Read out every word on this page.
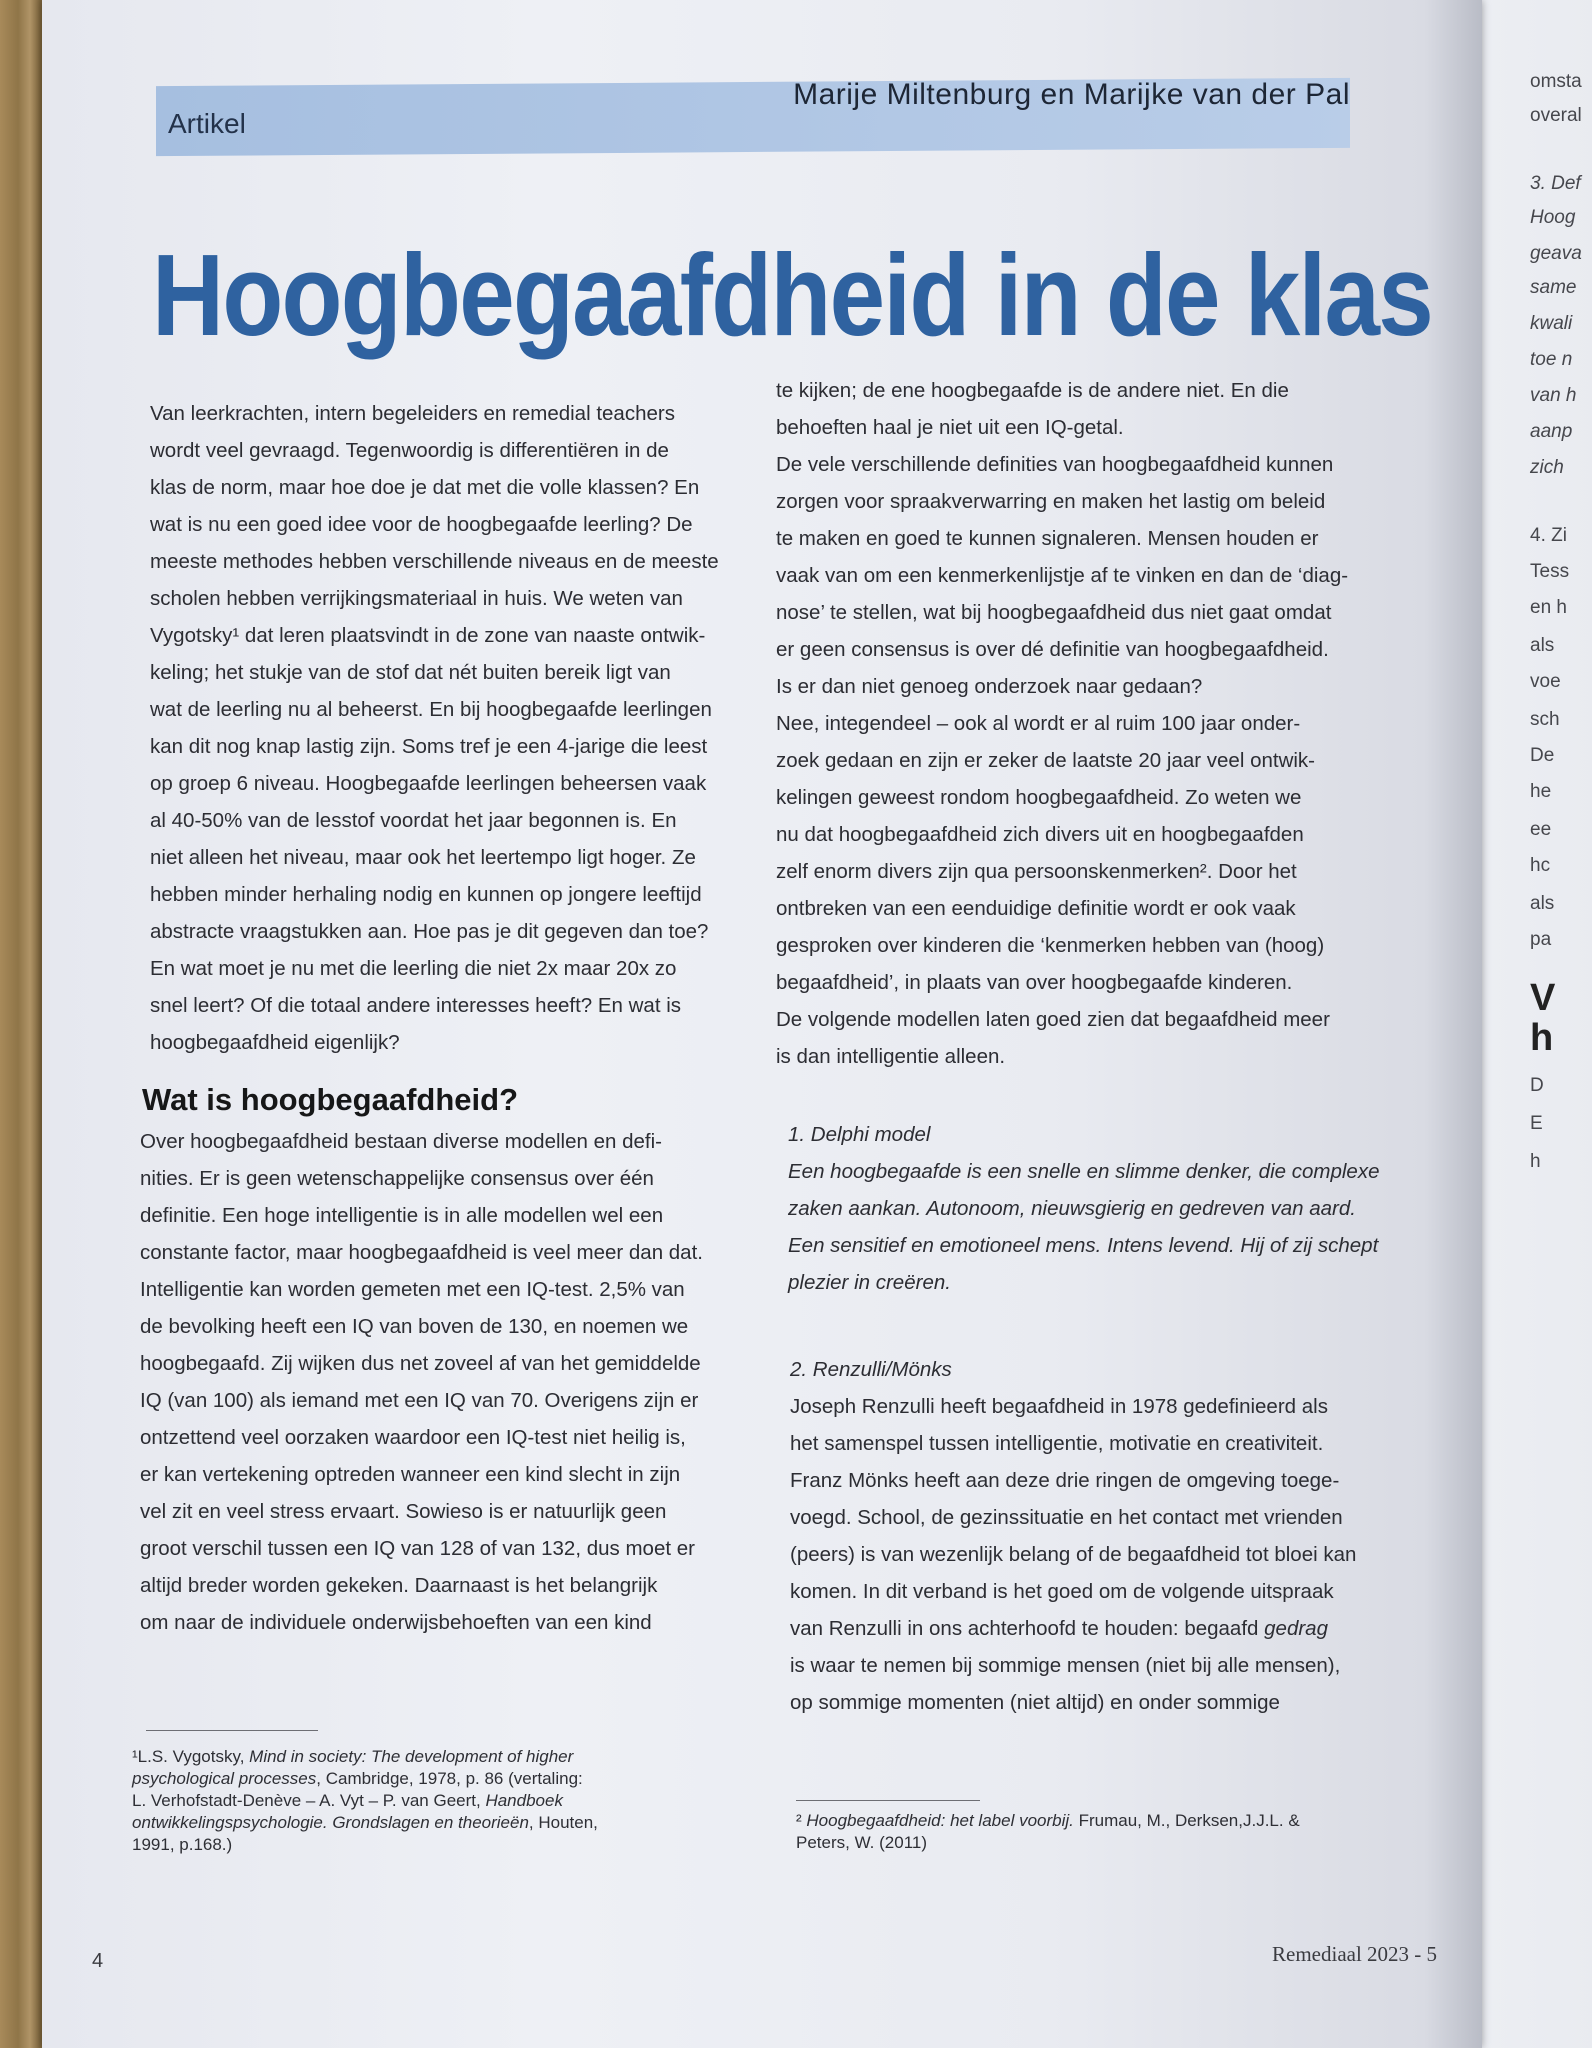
omsta
overal
3. Def
Hoog
geava
same
kwali
toe n
van h
aanp
zich
4. Zi
Tess
en h
als
voe
sch
De
he
ee
hc
als
pa
V
h
D
E
h
Artikel
Marije Miltenburg en Marijke van der Pal
Hoogbegaafdheid in de klas
Van leerkrachten, intern begeleiders en remedial teachers
wordt veel gevraagd. Tegenwoordig is differentiëren in de
klas de norm, maar hoe doe je dat met die volle klassen? En
wat is nu een goed idee voor de hoogbegaafde leerling? De
meeste methodes hebben verschillende niveaus en de meeste
scholen hebben verrijkingsmateriaal in huis. We weten van
Vygotsky¹ dat leren plaatsvindt in de zone van naaste ontwik-
keling; het stukje van de stof dat nét buiten bereik ligt van
wat de leerling nu al beheerst. En bij hoogbegaafde leerlingen
kan dit nog knap lastig zijn. Soms tref je een 4-jarige die leest
op groep 6 niveau. Hoogbegaafde leerlingen beheersen vaak
al 40-50% van de lesstof voordat het jaar begonnen is. En
niet alleen het niveau, maar ook het leertempo ligt hoger. Ze
hebben minder herhaling nodig en kunnen op jongere leeftijd
abstracte vraagstukken aan. Hoe pas je dit gegeven dan toe?
En wat moet je nu met die leerling die niet 2x maar 20x zo
snel leert? Of die totaal andere interesses heeft? En wat is
hoogbegaafdheid eigenlijk?
Wat is hoogbegaafdheid?
Over hoogbegaafdheid bestaan diverse modellen en defi-
nities. Er is geen wetenschappelijke consensus over één
definitie. Een hoge intelligentie is in alle modellen wel een
constante factor, maar hoogbegaafdheid is veel meer dan dat.
Intelligentie kan worden gemeten met een IQ-test. 2,5% van
de bevolking heeft een IQ van boven de 130, en noemen we
hoogbegaafd. Zij wijken dus net zoveel af van het gemiddelde
IQ (van 100) als iemand met een IQ van 70. Overigens zijn er
ontzettend veel oorzaken waardoor een IQ-test niet heilig is,
er kan vertekening optreden wanneer een kind slecht in zijn
vel zit en veel stress ervaart. Sowieso is er natuurlijk geen
groot verschil tussen een IQ van 128 of van 132, dus moet er
altijd breder worden gekeken. Daarnaast is het belangrijk
om naar de individuele onderwijsbehoeften van een kind
te kijken; de ene hoogbegaafde is de andere niet. En die
behoeften haal je niet uit een IQ-getal.
De vele verschillende definities van hoogbegaafdheid kunnen
zorgen voor spraakverwarring en maken het lastig om beleid
te maken en goed te kunnen signaleren. Mensen houden er
vaak van om een kenmerkenlijstje af te vinken en dan de ‘diag-
nose’ te stellen, wat bij hoogbegaafdheid dus niet gaat omdat
er geen consensus is over dé definitie van hoogbegaafdheid.
Is er dan niet genoeg onderzoek naar gedaan?
Nee, integendeel – ook al wordt er al ruim 100 jaar onder-
zoek gedaan en zijn er zeker de laatste 20 jaar veel ontwik-
kelingen geweest rondom hoogbegaafdheid. Zo weten we
nu dat hoogbegaafdheid zich divers uit en hoogbegaafden
zelf enorm divers zijn qua persoonskenmerken². Door het
ontbreken van een eenduidige definitie wordt er ook vaak
gesproken over kinderen die ‘kenmerken hebben van (hoog)
begaafdheid’, in plaats van over hoogbegaafde kinderen.
De volgende modellen laten goed zien dat begaafdheid meer
is dan intelligentie alleen.
1. Delphi model
Een hoogbegaafde is een snelle en slimme denker, die complexe
zaken aankan. Autonoom, nieuwsgierig en gedreven van aard.
Een sensitief en emotioneel mens. Intens levend. Hij of zij schept
plezier in creëren.
2. Renzulli/Mönks
Joseph Renzulli heeft begaafdheid in 1978 gedefinieerd als
het samenspel tussen intelligentie, motivatie en creativiteit.
Franz Mönks heeft aan deze drie ringen de omgeving toege-
voegd. School, de gezinssituatie en het contact met vrienden
(peers) is van wezenlijk belang of de begaafdheid tot bloei kan
komen. In dit verband is het goed om de volgende uitspraak
van Renzulli in ons achterhoofd te houden: begaafd gedrag
is waar te nemen bij sommige mensen (niet bij alle mensen),
op sommige momenten (niet altijd) en onder sommige
¹L.S. Vygotsky, Mind in society: The development of higher
psychological processes, Cambridge, 1978, p. 86 (vertaling:
L. Verhofstadt-Denève – A. Vyt – P. van Geert, Handboek
ontwikkelingspsychologie. Grondslagen en theorieën, Houten,
1991, p.168.)
² Hoogbegaafdheid: het label voorbij. Frumau, M., Derksen,J.J.L. &
Peters, W. (2011)
4	Remediaal 2023 - 5
